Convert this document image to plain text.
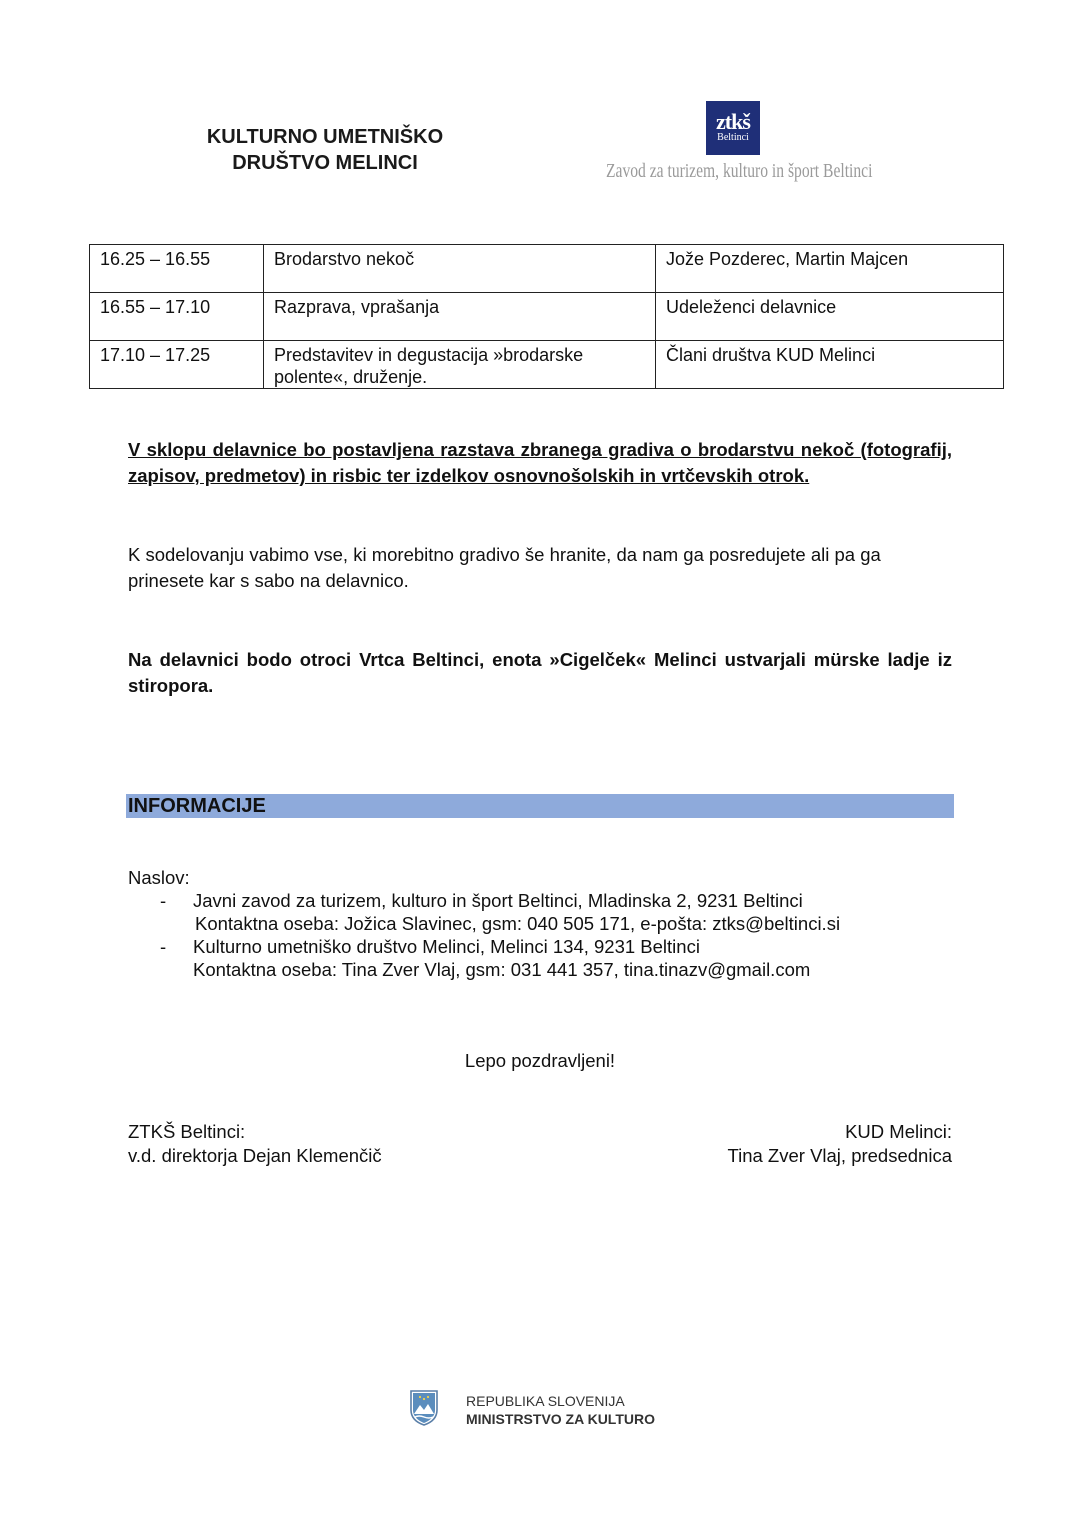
KULTURNO UMETNIŠKO
DRUŠTVO MELINCI
ztkš
Beltinci
Zavod za turizem, kulturo in šport Beltinci
16.25 – 16.55	Brodarstvo nekoč	Jože Pozderec, Martin Majcen
16.55 – 17.10	Razprava, vprašanja	Udeleženci delavnice
17.10 – 17.25	Predstavitev in degustacija »brodarske polente«, druženje.	Člani društva KUD Melinci
V sklopu delavnice bo postavljena razstava zbranega gradiva o brodarstvu nekoč (fotografij, zapisov, predmetov) in risbic ter izdelkov osnovnošolskih in vrtčevskih otrok.
K sodelovanju vabimo vse, ki morebitno gradivo še hranite, da nam ga posredujete ali pa ga prinesete kar s sabo na delavnico.
Na delavnici bodo otroci Vrtca Beltinci, enota »Cigelček« Melinci ustvarjali mürske ladje iz stiropora.
INFORMACIJE
Naslov:
- Javni zavod za turizem, kulturo in šport Beltinci, Mladinska 2, 9231 Beltinci
Kontaktna oseba: Jožica Slavinec, gsm: 040 505 171, e-pošta: ztks@beltinci.si
- Kulturno umetniško društvo Melinci, Melinci 134, 9231 Beltinci
Kontaktna oseba: Tina Zver Vlaj, gsm: 031 441 357, tina.tinazv@gmail.com
Lepo pozdravljeni!
ZTKŠ Beltinci:
v.d. direktorja Dejan Klemenčič
KUD Melinci:
Tina Zver Vlaj, predsednica
REPUBLIKA SLOVENIJA
MINISTRSTVO ZA KULTURO
